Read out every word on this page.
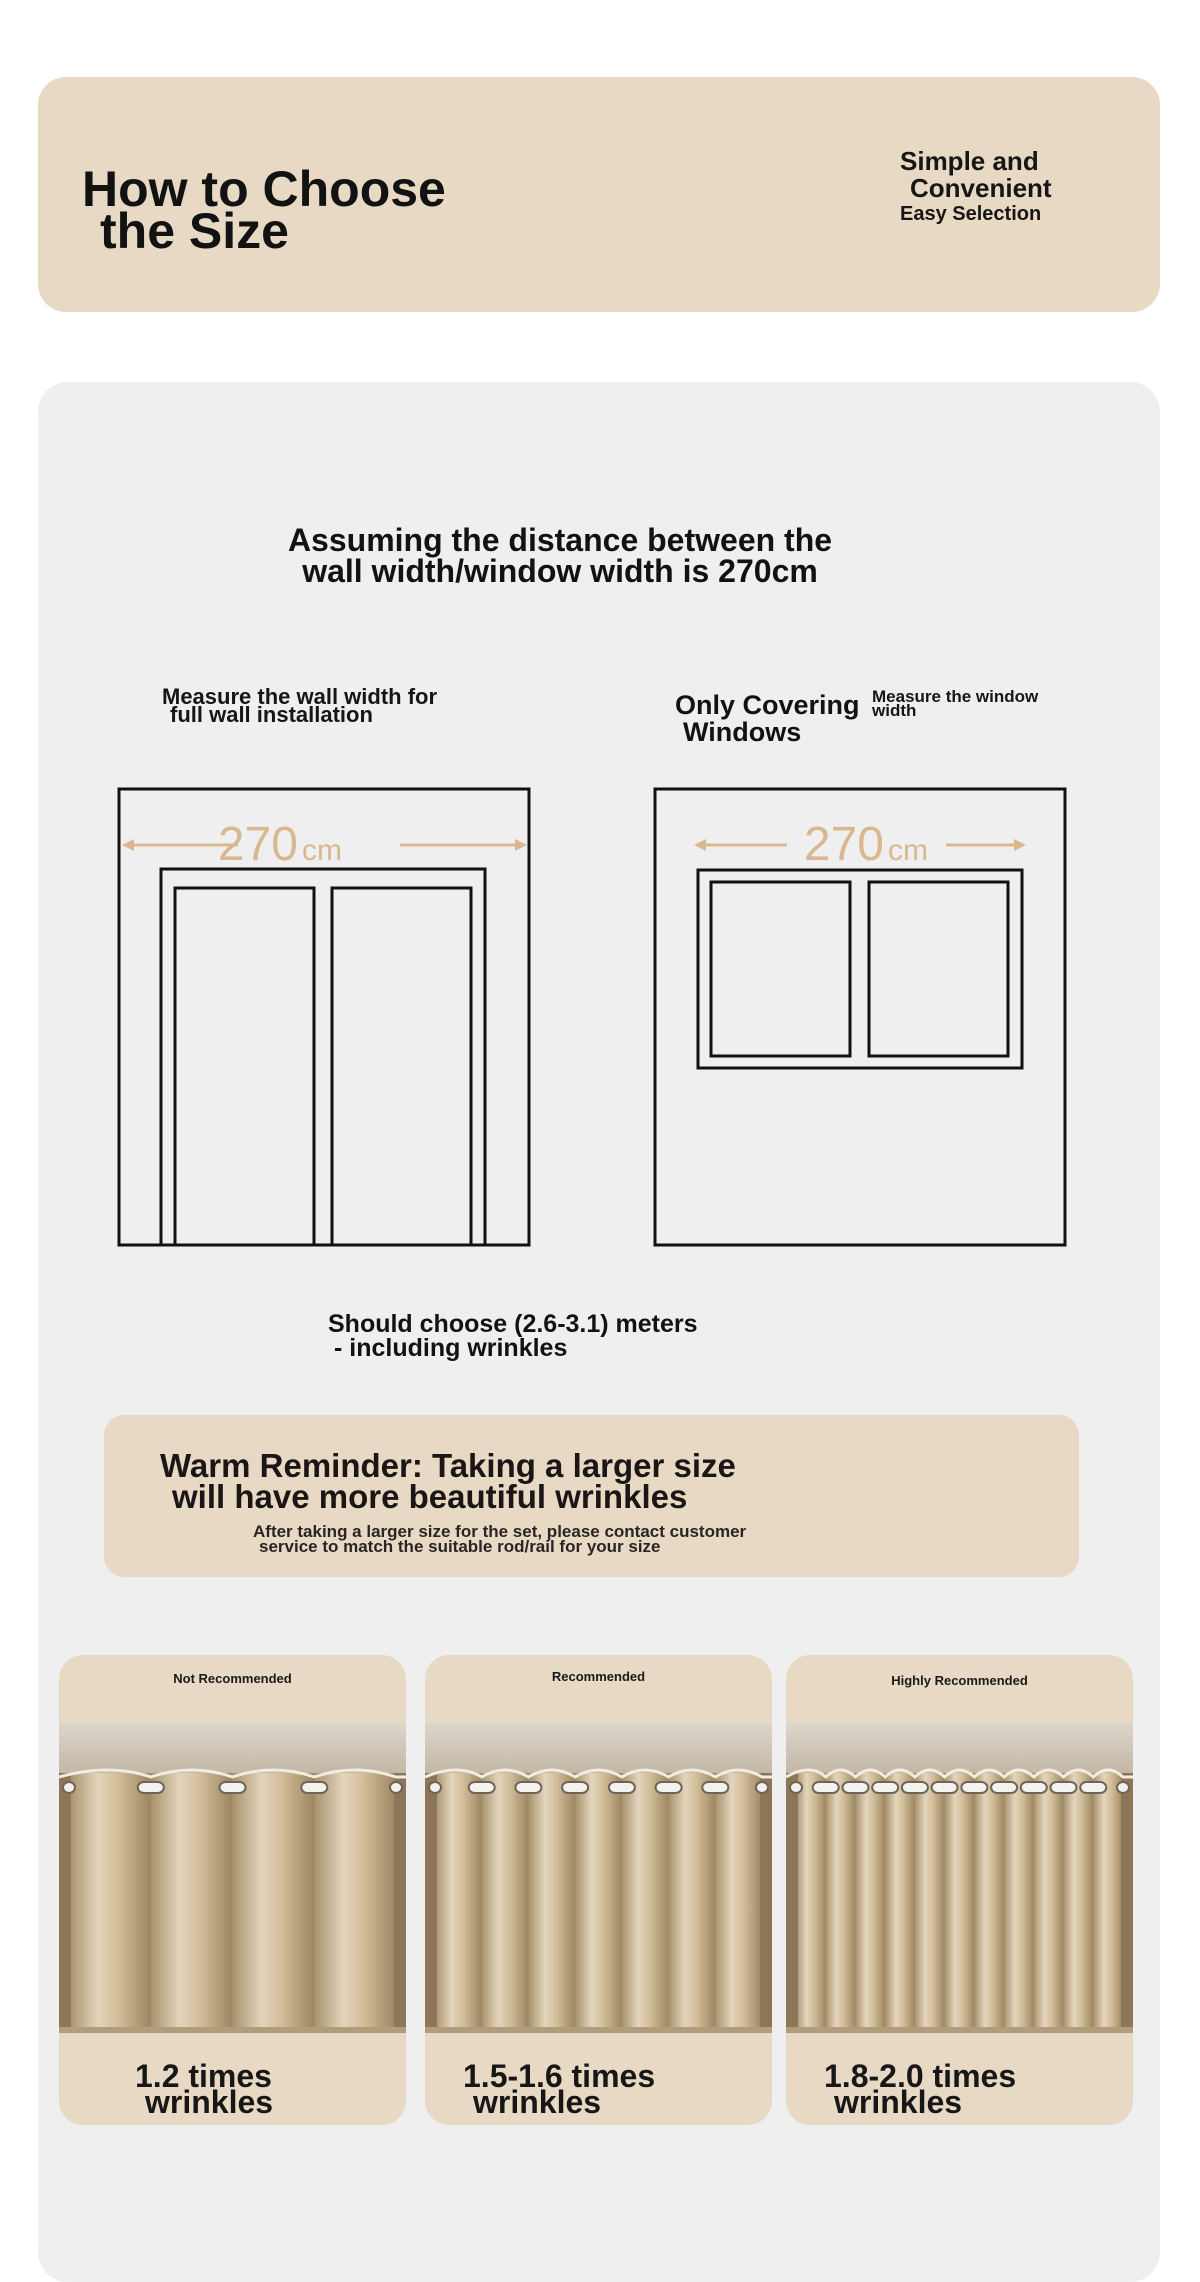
How to Choose
the Size
Simple and
Convenient
Easy Selection
Assuming the distance between the
wall width/window width is 270cm
Measure the wall width for
full wall installation	Only Covering
Windows
Measure the window
width
270 cm	270 cm
Should choose (2.6-3.1) meters
- including wrinkles
Warm Reminder: Taking a larger size
will have more beautiful wrinkles
After taking a larger size for the set, please contact customer
service to match the suitable rod/rail for your size
Not Recommended
1.2 times
wrinkles
Recommended
1.5-1.6 times
wrinkles
Highly Recommended
1.8-2.0 times
wrinkles
